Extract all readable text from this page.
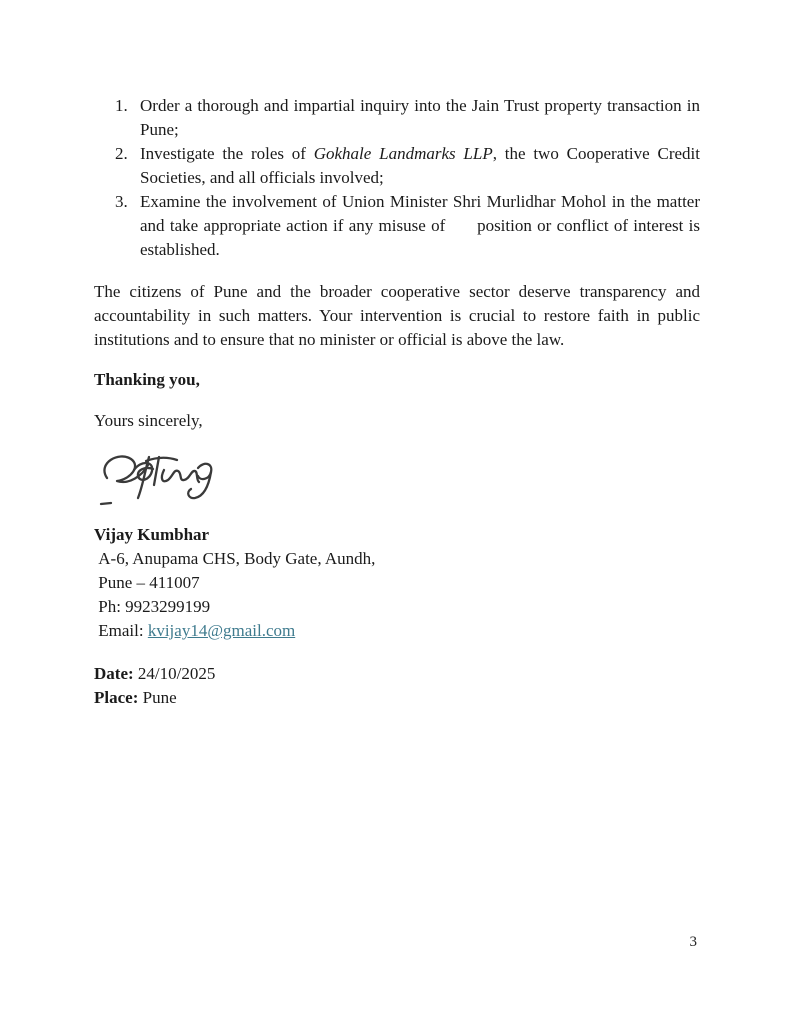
1. Order a thorough and impartial inquiry into the Jain Trust property transaction in Pune;
2. Investigate the roles of Gokhale Landmarks LLP, the two Cooperative Credit Societies, and all officials involved;
3. Examine the involvement of Union Minister Shri Murlidhar Mohol in the matter and take appropriate action if any misuse of      position or conflict of interest is established.

The citizens of Pune and the broader cooperative sector deserve transparency and accountability in such matters. Your intervention is crucial to restore faith in public institutions and to ensure that no minister or official is above the law.

Thanking you,

Yours sincerely,

Vijay Kumbhar
A-6, Anupama CHS, Body Gate, Aundh,
Pune – 411007
Ph: 9923299199
Email: kvijay14@gmail.com
Date: 24/10/2025
Place: Pune
3
